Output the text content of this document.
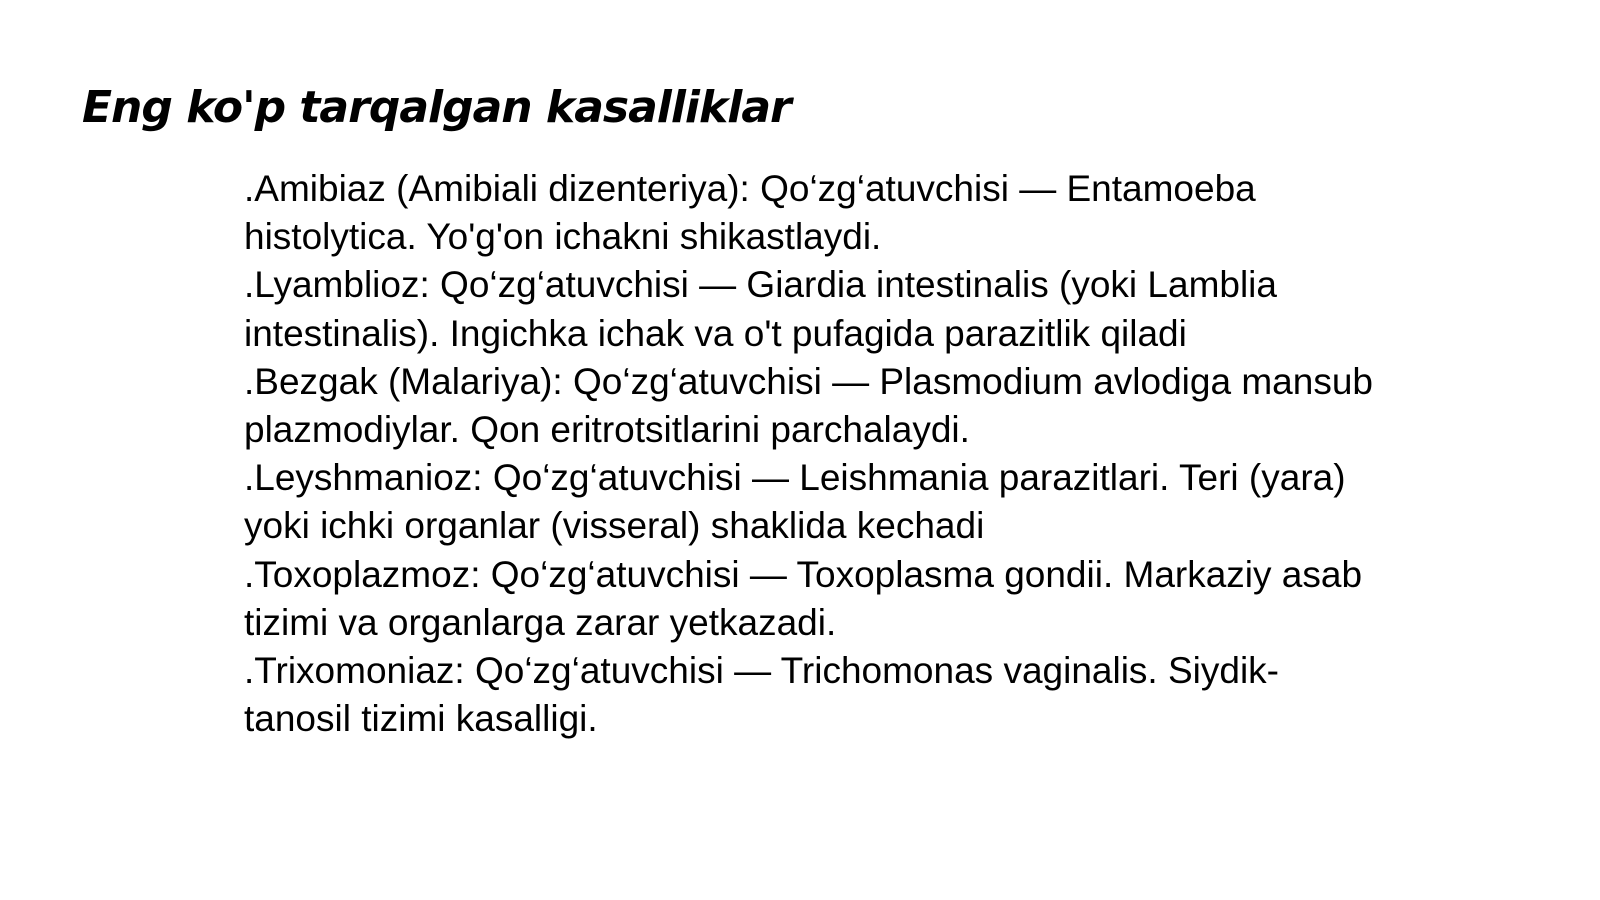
Eng ko'p tarqalgan kasalliklar

.Amibiaz (Amibiali dizenteriya): Qo‘zg‘atuvchisi — Entamoeba histolytica. Yo'g'on ichakni shikastlaydi.

.Lyamblioz: Qo‘zg‘atuvchisi — Giardia intestinalis (yoki Lamblia intestinalis). Ingichka ichak va o't pufagida parazitlik qiladi

.Bezgak (Malariya): Qo‘zg‘atuvchisi — Plasmodium avlodiga mansub plazmodiylar. Qon eritrotsitlarini parchalaydi.

.Leyshmanioz: Qo‘zg‘atuvchisi — Leishmania parazitlari. Teri (yara) yoki ichki organlar (visseral) shaklida kechadi

.Toxoplazmoz: Qo‘zg‘atuvchisi — Toxoplasma gondii. Markaziy asab tizimi va organlarga zarar yetkazadi.

.Trixomoniaz: Qo‘zg‘atuvchisi — Trichomonas vaginalis. Siydik-tanosil tizimi kasalligi.
